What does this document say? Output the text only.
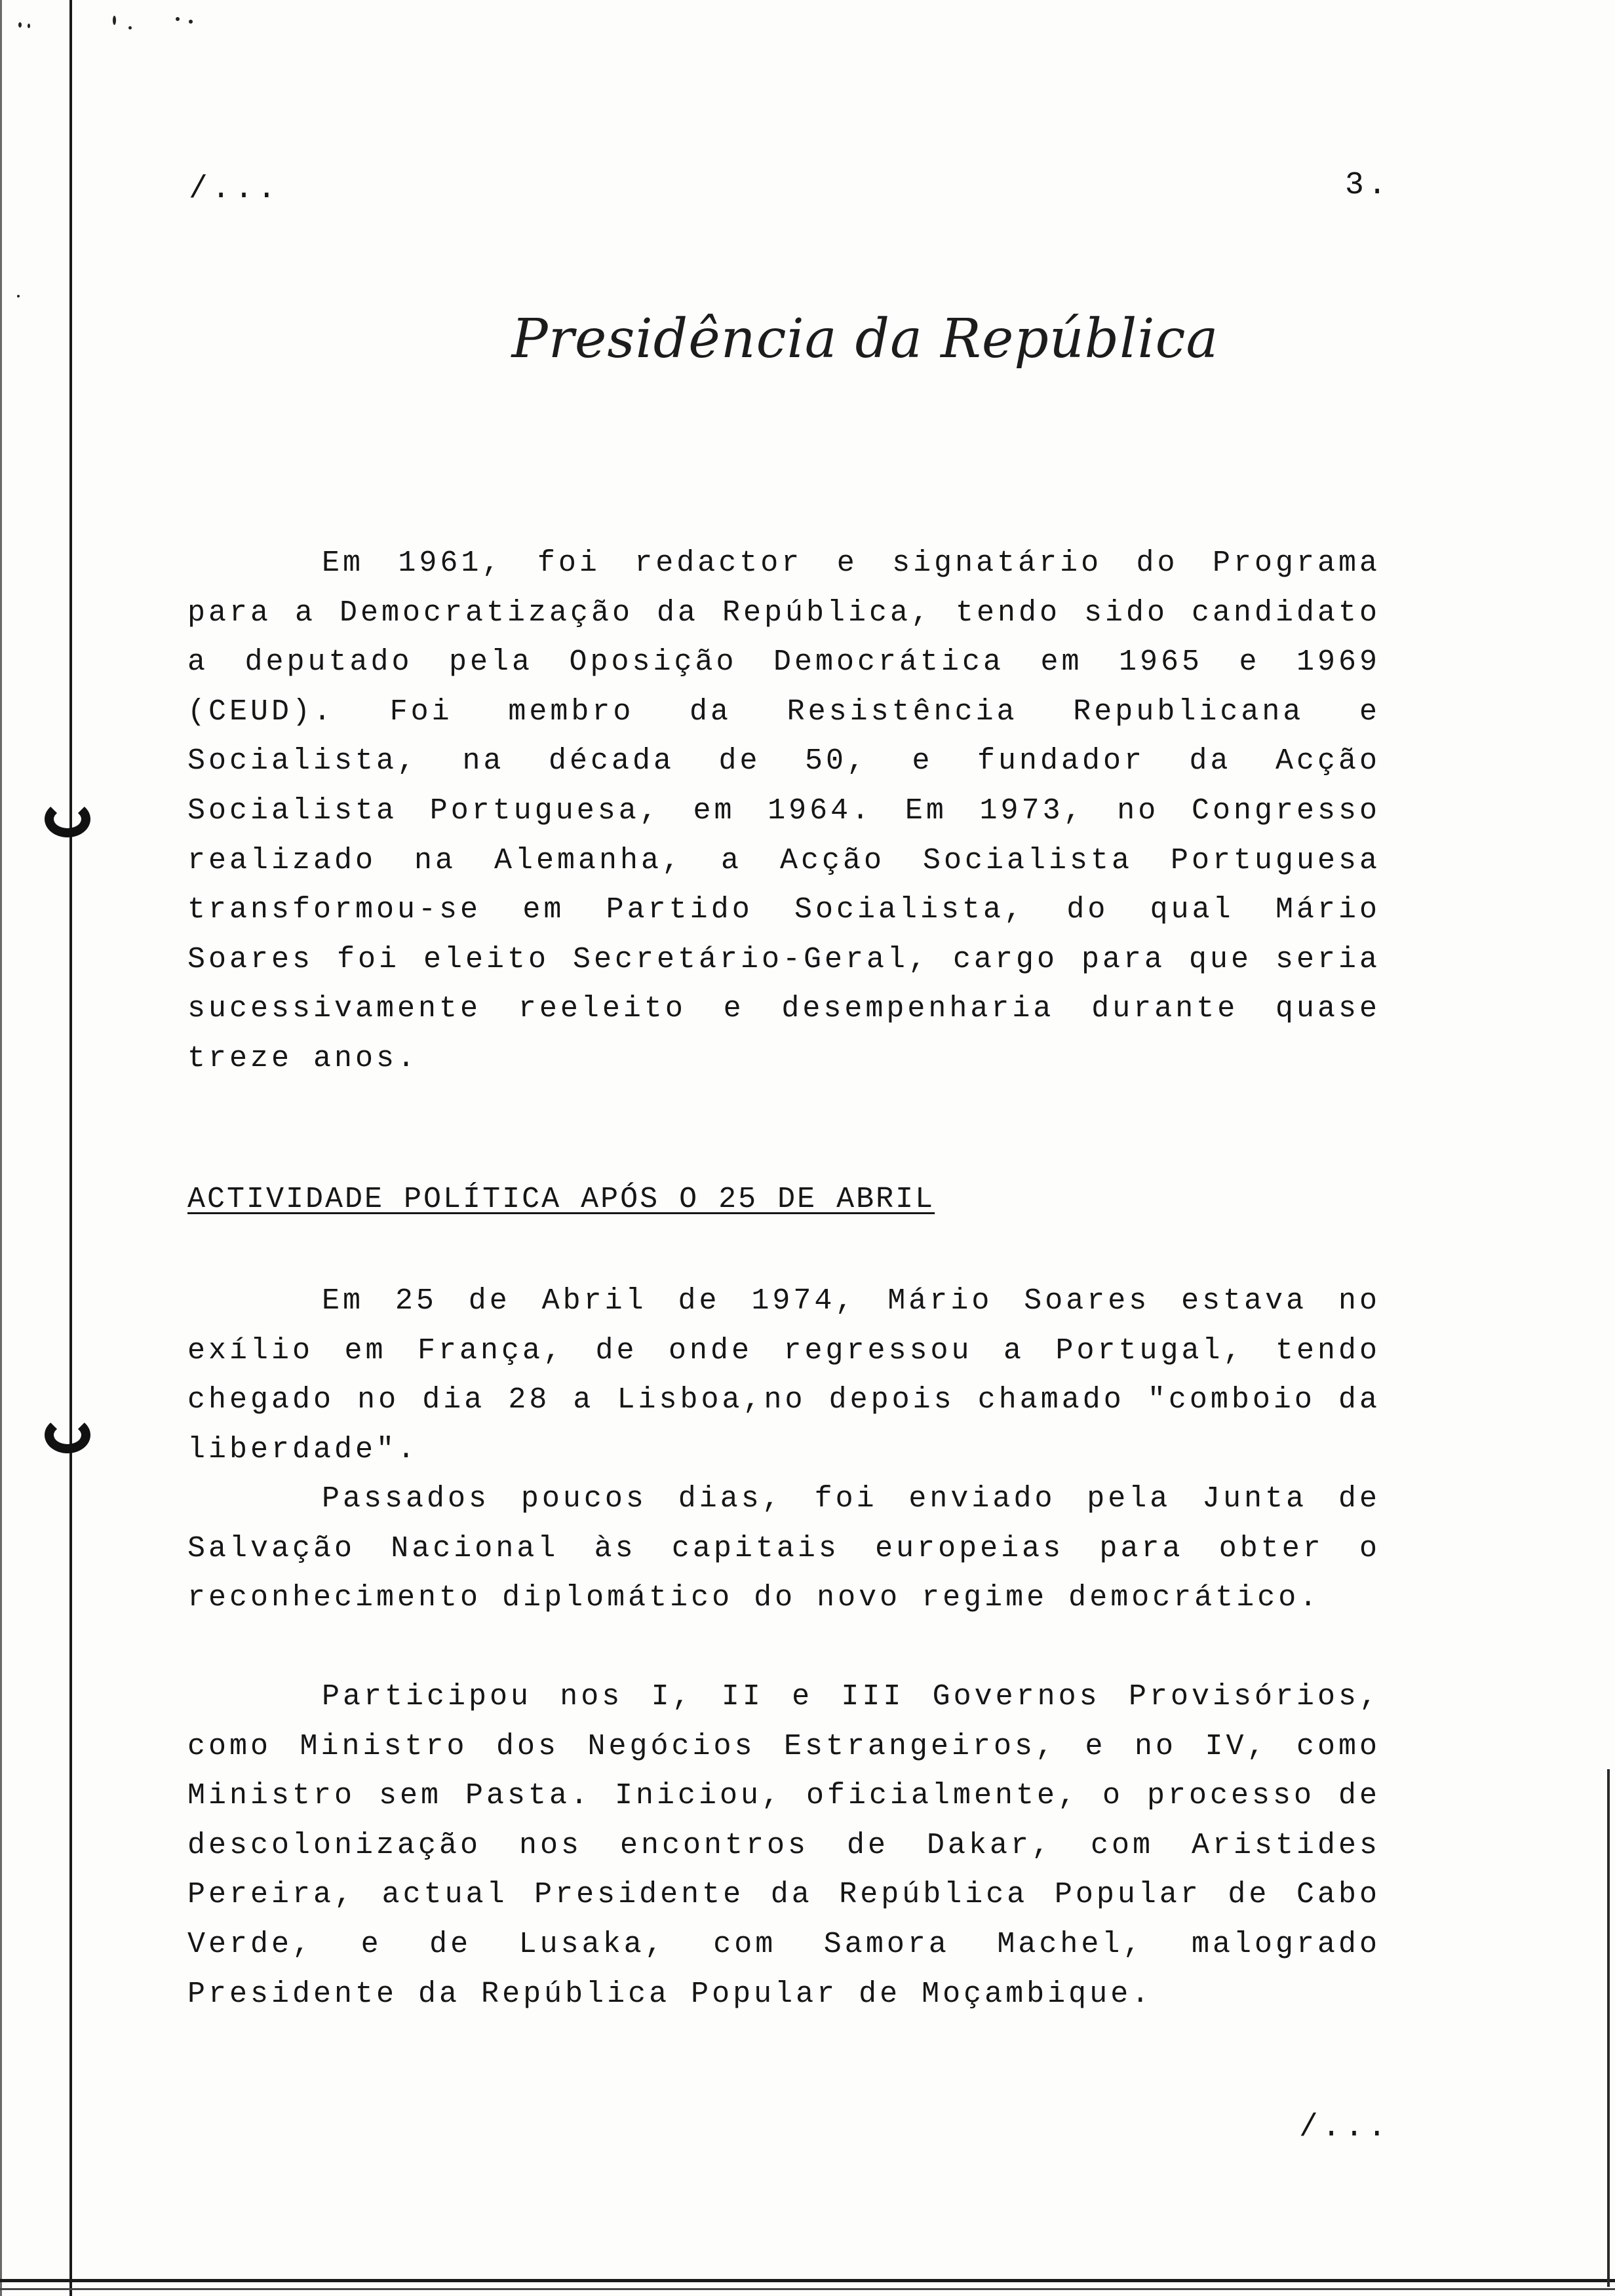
/...	3.
Presidência da República

Em 1961, foi redactor e signatário do Programa para a Democratização da República, tendo sido candidato a deputado pela Oposição Democrática em 1965 e 1969 (CEUD). Foi membro da Resistência Republicana e Socialista, na década de 50, e fundador da Acção Socialista Portuguesa, em 1964. Em 1973, no Congresso realizado na Alemanha, a Acção Socialista Portuguesa transformou-se em Partido Socialista, do qual Mário Soares foi eleito Secretário-Geral, cargo para que seria sucessivamente reeleito e desempenharia durante quase treze anos.

ACTIVIDADE POLÍTICA APÓS O 25 DE ABRIL

Em 25 de Abril de 1974, Mário Soares estava no exílio em França, de onde regressou a Portugal, tendo chegado no dia 28 a Lisboa,no depois chamado "comboio da liberdade".

Passados poucos dias, foi enviado pela Junta de Salvação Nacional às capitais europeias para obter o reconhecimento diplomático do novo regime democrático.

Participou nos I, II e III Governos Provisórios, como Ministro dos Negócios Estrangeiros, e no IV, como Ministro sem Pasta. Iniciou, oficialmente, o processo de descolonização nos encontros de Dakar, com Aristides Pereira, actual Presidente da República Popular de Cabo Verde, e de Lusaka, com Samora Machel, malogrado Presidente da República Popular de Moçambique.

/...
